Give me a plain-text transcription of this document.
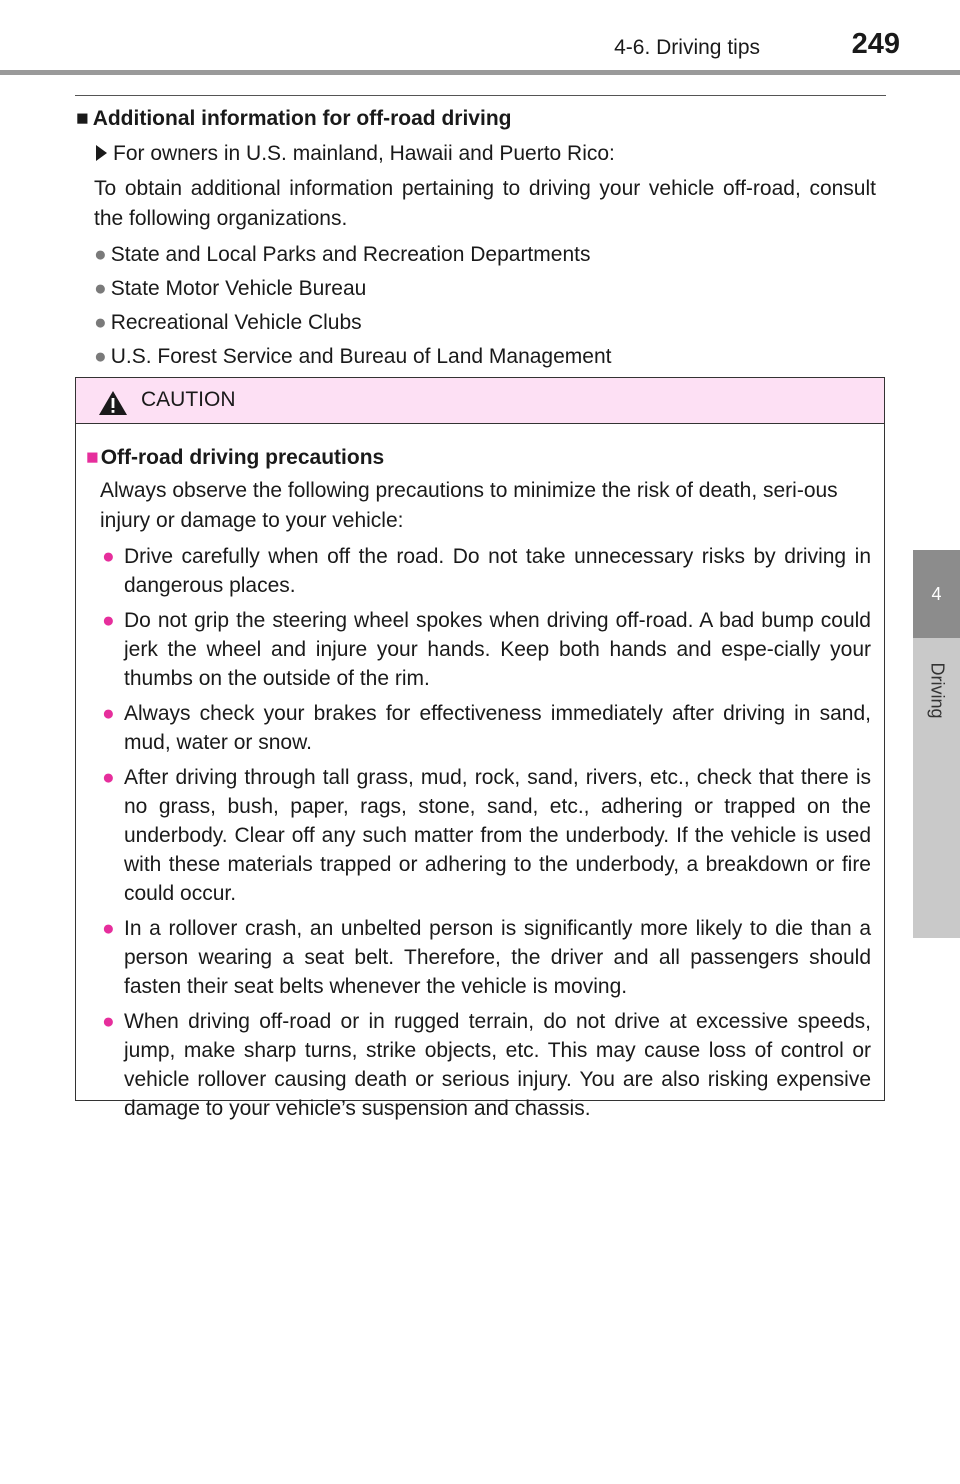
4-6. Driving tips	249
4
Driving
■ Additional information for off-road driving
For owners in U.S. mainland, Hawaii and Puerto Rico:
To obtain additional information pertaining to driving your vehicle off-road, consult the following organizations.
● State and Local Parks and Recreation Departments
● State Motor Vehicle Bureau
● Recreational Vehicle Clubs
● U.S. Forest Service and Bureau of Land Management
CAUTION
■Off-road driving precautions
Always observe the following precautions to minimize the risk of death, seri-ous injury or damage to your vehicle:
● Drive carefully when off the road. Do not take unnecessary risks by driving in dangerous places.
● Do not grip the steering wheel spokes when driving off-road. A bad bump could jerk the wheel and injure your hands. Keep both hands and espe-cially your thumbs on the outside of the rim.
● Always check your brakes for effectiveness immediately after driving in sand, mud, water or snow.
● After driving through tall grass, mud, rock, sand, rivers, etc., check that there is no grass, bush, paper, rags, stone, sand, etc., adhering or trapped on the underbody. Clear off any such matter from the underbody. If the vehicle is used with these materials trapped or adhering to the underbody, a breakdown or fire could occur.
● In a rollover crash, an unbelted person is significantly more likely to die than a person wearing a seat belt. Therefore, the driver and all passengers should fasten their seat belts whenever the vehicle is moving.
● When driving off-road or in rugged terrain, do not drive at excessive speeds, jump, make sharp turns, strike objects, etc. This may cause loss of control or vehicle rollover causing death or serious injury. You are also risking expensive damage to your vehicle’s suspension and chassis.
